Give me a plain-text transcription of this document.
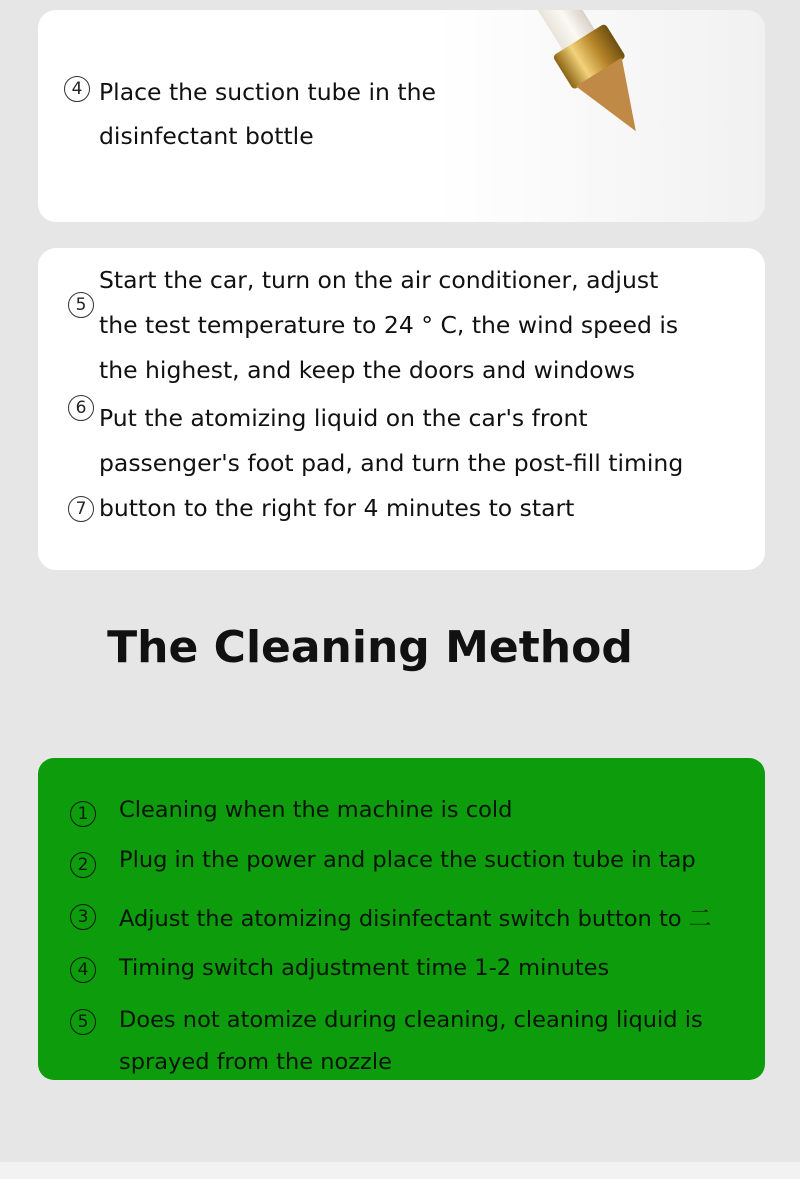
4 Place the suction tube in the
disinfectant bottle
5
6
7
Start the car, turn on the air conditioner, adjust
the test temperature to 24 ° C, the wind speed is
the highest, and keep the doors and windows
Put the atomizing liquid on the car's front
passenger's foot pad, and turn the post-fill timing
button to the right for 4 minutes to start
The Cleaning Method
1	Cleaning when the machine is cold
2	Plug in the power and place the suction tube in tap
3	Adjust the atomizing disinfectant switch button to 二
4	Timing switch adjustment time 1-2 minutes
5	Does not atomize during cleaning, cleaning liquid is
sprayed from the nozzle
